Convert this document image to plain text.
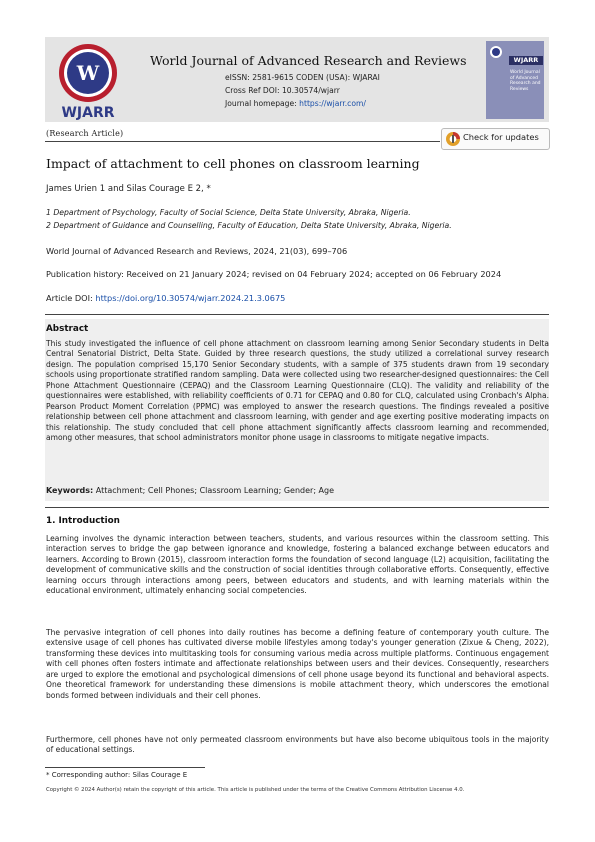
W
WJARR
World Journal of Advanced Research and Reviews
eISSN: 2581-9615 CODEN (USA): WJARAI
Cross Ref DOI: 10.30574/wjarr
Journal homepage: https://wjarr.com/
WJARR
World Journal of Advanced Research and Reviews
(Research Article)	Check for updates
Impact of attachment to cell phones on classroom learning
James Urien 1 and Silas Courage E 2, *
1 Department of Psychology, Faculty of Social Science, Delta State University, Abraka, Nigeria.
2 Department of Guidance and Counselling, Faculty of Education, Delta State University, Abraka, Nigeria.
World Journal of Advanced Research and Reviews, 2024, 21(03), 699–706
Publication history: Received on 21 January 2024; revised on 04 February 2024; accepted on 06 February 2024
Article DOI: https://doi.org/10.30574/wjarr.2024.21.3.0675
Abstract
This study investigated the influence of cell phone attachment on classroom learning among Senior Secondary students in Delta Central Senatorial District, Delta State. Guided by three research questions, the study utilized a correlational survey research design. The population comprised 15,170 Senior Secondary students, with a sample of 375 students drawn from 19 secondary schools using proportionate stratified random sampling. Data were collected using two researcher-designed questionnaires: the Cell Phone Attachment Questionnaire (CEPAQ) and the Classroom Learning Questionnaire (CLQ). The validity and reliability of the questionnaires were established, with reliability coefficients of 0.71 for CEPAQ and 0.80 for CLQ, calculated using Cronbach's Alpha. Pearson Product Moment Correlation (PPMC) was employed to answer the research questions. The findings revealed a positive relationship between cell phone attachment and classroom learning, with gender and age exerting positive moderating impacts on this relationship. The study concluded that cell phone attachment significantly affects classroom learning and recommended, among other measures, that school administrators monitor phone usage in classrooms to mitigate negative impacts.
Keywords: Attachment; Cell Phones; Classroom Learning; Gender; Age
1. Introduction
Learning involves the dynamic interaction between teachers, students, and various resources within the classroom setting. This interaction serves to bridge the gap between ignorance and knowledge, fostering a balanced exchange between educators and learners. According to Brown (2015), classroom interaction forms the foundation of second language (L2) acquisition, facilitating the development of communicative skills and the construction of social identities through collaborative efforts. Consequently, effective learning occurs through interactions among peers, between educators and students, and with learning materials within the educational environment, ultimately enhancing social competencies.
The pervasive integration of cell phones into daily routines has become a defining feature of contemporary youth culture. The extensive usage of cell phones has cultivated diverse mobile lifestyles among today's younger generation (Zixue & Cheng, 2022), transforming these devices into multitasking tools for consuming various media across multiple platforms. Continuous engagement with cell phones often fosters intimate and affectionate relationships between users and their devices. Consequently, researchers are urged to explore the emotional and psychological dimensions of cell phone usage beyond its functional and behavioral aspects. One theoretical framework for understanding these dimensions is mobile attachment theory, which underscores the emotional bonds formed between individuals and their cell phones.
Furthermore, cell phones have not only permeated classroom environments but have also become ubiquitous tools in the majority of educational settings.
* Corresponding author: Silas Courage E
Copyright © 2024 Author(s) retain the copyright of this article. This article is published under the terms of the Creative Commons Attribution Liscense 4.0.
